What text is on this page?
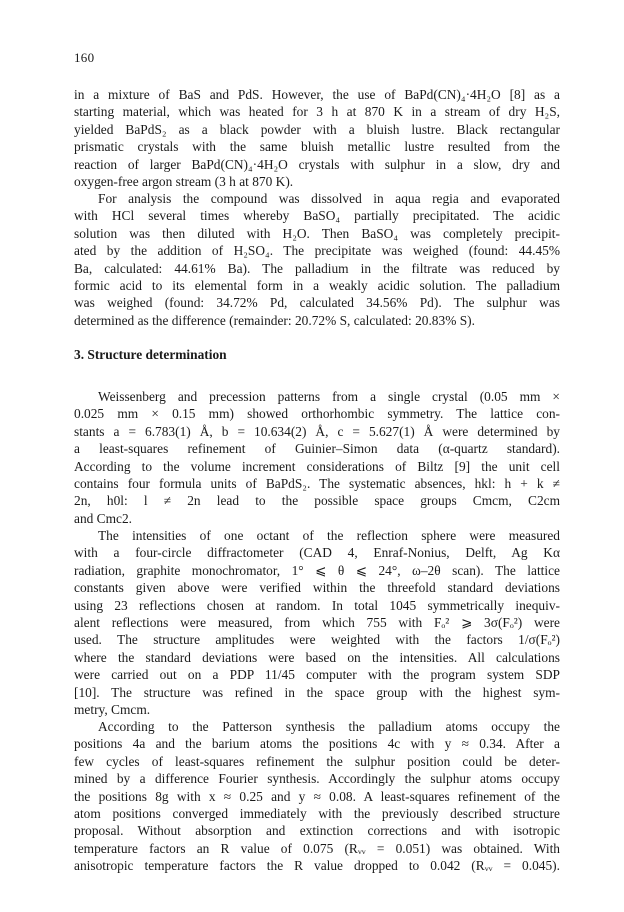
160
in a mixture of BaS and PdS. However, the use of BaPd(CN)₄·4H₂O [8] as a
starting material, which was heated for 3 h at 870 K in a stream of dry H₂S,
yielded BaPdS₂ as a black powder with a bluish lustre. Black rectangular
prismatic crystals with the same bluish metallic lustre resulted from the
reaction of larger BaPd(CN)₄·4H₂O crystals with sulphur in a slow, dry and
oxygen-free argon stream (3 h at 870 K).
For analysis the compound was dissolved in aqua regia and evaporated
with HCl several times whereby BaSO₄ partially precipitated. The acidic
solution was then diluted with H₂O. Then BaSO₄ was completely precipit-
ated by the addition of H₂SO₄. The precipitate was weighed (found: 44.45%
Ba, calculated: 44.61% Ba). The palladium in the filtrate was reduced by
formic acid to its elemental form in a weakly acidic solution. The palladium
was weighed (found: 34.72% Pd, calculated 34.56% Pd). The sulphur was
determined as the difference (remainder: 20.72% S, calculated: 20.83% S).
3. Structure determination
Weissenberg and precession patterns from a single crystal (0.05 mm ×
0.025 mm × 0.15 mm) showed orthorhombic symmetry. The lattice con-
stants a = 6.783(1) Å, b = 10.634(2) Å, c = 5.627(1) Å were determined by
a least-squares refinement of Guinier–Simon data (α-quartz standard).
According to the volume increment considerations of Biltz [9] the unit cell
contains four formula units of BaPdS₂. The systematic absences, hkl: h + k ≠
2n, h0l: l ≠ 2n lead to the possible space groups Cmcm, C2cm
and Cmc2.
The intensities of one octant of the reflection sphere were measured
with a four-circle diffractometer (CAD 4, Enraf-Nonius, Delft, Ag Kα
radiation, graphite monochromator, 1° ⩽ θ ⩽ 24°, ω–2θ scan). The lattice
constants given above were verified within the threefold standard deviations
using 23 reflections chosen at random. In total 1045 symmetrically inequiv-
alent reflections were measured, from which 755 with Fₒ² ⩾ 3σ(Fₒ²) were
used. The structure amplitudes were weighted with the factors 1/σ(Fₒ²)
where the standard deviations were based on the intensities. All calculations
were carried out on a PDP 11/45 computer with the program system SDP
[10]. The structure was refined in the space group with the highest sym-
metry, Cmcm.
According to the Patterson synthesis the palladium atoms occupy the
positions 4a and the barium atoms the positions 4c with y ≈ 0.34. After a
few cycles of least-squares refinement the sulphur position could be deter-
mined by a difference Fourier synthesis. Accordingly the sulphur atoms occupy
the positions 8g with x ≈ 0.25 and y ≈ 0.08. A least-squares refinement of the
atom positions converged immediately with the previously described structure
proposal. Without absorption and extinction corrections and with isotropic
temperature factors an R value of 0.075 (Rᵥᵥ = 0.051) was obtained. With
anisotropic temperature factors the R value dropped to 0.042 (Rᵥᵥ = 0.045).
